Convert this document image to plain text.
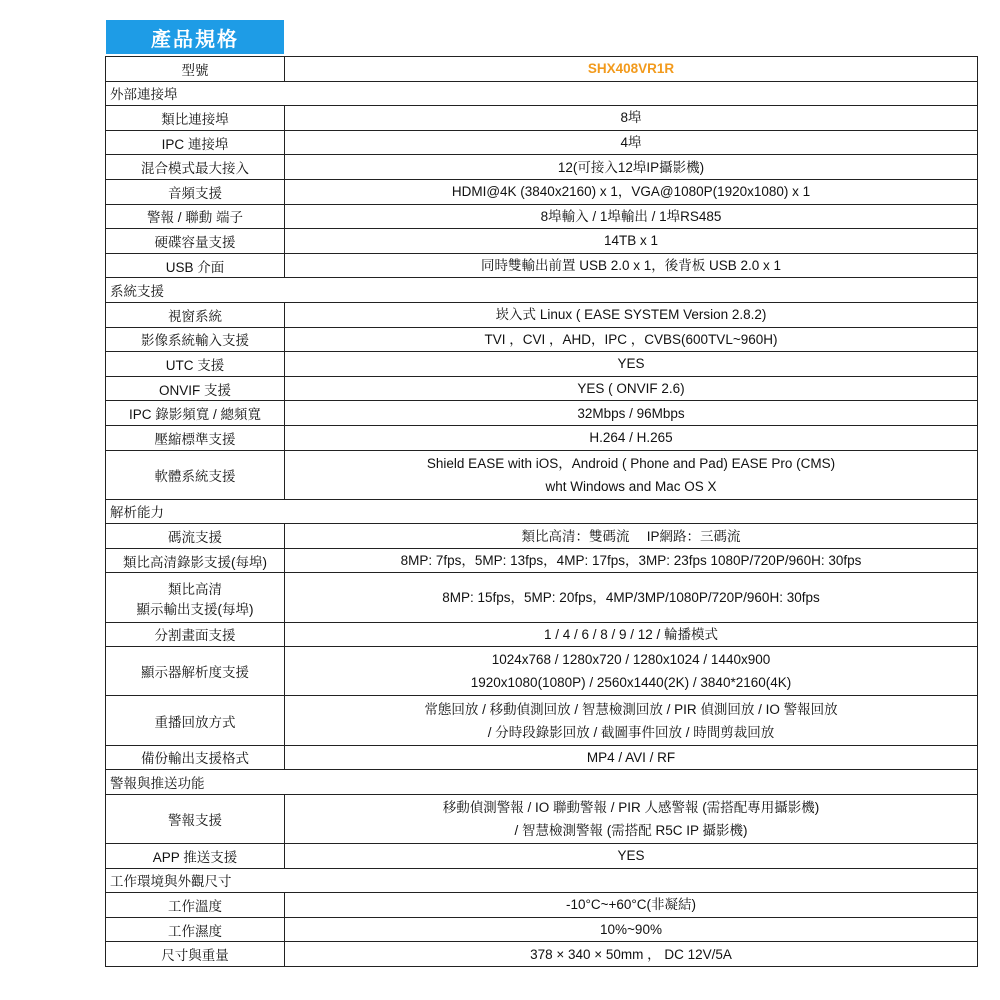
產品規格
型號	SHX408VR1R

外部連接埠	

類比連接埠	8埠

IPC 連接埠	4埠

混合模式最大接入	12(可接入12埠IP攝影機)

音頻支援	HDMI@4K (3840x2160) x 1，VGA@1080P(1920x1080) x 1

警報 / 聯動 端子	8埠輸入 / 1埠輸出 / 1埠RS485

硬碟容量支援	14TB x 1

USB 介面	同時雙輸出前置 USB 2.0 x 1，後背板 USB 2.0 x 1

系統支援	

視窗系統	崁入式 Linux ( EASE SYSTEM Version 2.8.2)

影像系統輸入支援	TVI ，CVI ，AHD，IPC ，CVBS(600TVL~960H)

UTC 支援	YES

ONVIF 支援	YES ( ONVIF 2.6)

IPC 錄影頻寬 / 總頻寬	32Mbps / 96Mbps

壓縮標準支援	H.264 / H.265

軟體系統支援	Shield EASE with iOS，Android ( Phone and Pad) EASE Pro (CMS)
wht Windows and Mac OS X

解析能力	

碼流支援	類比高清：雙碼流　 IP網路：三碼流

類比高清錄影支援(每埠)	8MP: 7fps，5MP: 13fps，4MP: 17fps，3MP: 23fps 1080P/720P/960H: 30fps

類比高清
顯示輸出支援(每埠)	8MP: 15fps，5MP: 20fps，4MP/3MP/1080P/720P/960H: 30fps

分割畫面支援	1 / 4 / 6 / 8 / 9 / 12 / 輪播模式

顯示器解析度支援	1024x768 / 1280x720 / 1280x1024 / 1440x900
1920x1080(1080P) / 2560x1440(2K) / 3840*2160(4K)

重播回放方式	常態回放 / 移動偵測回放 / 智慧檢測回放 / PIR 偵測回放 / IO 警報回放
/ 分時段錄影回放 / 截圖事件回放 / 時間剪裁回放

備份輸出支援格式	MP4 / AVI / RF

警報與推送功能	

警報支援	移動偵測警報 / IO 聯動警報 / PIR 人感警報 (需搭配專用攝影機)
/ 智慧檢測警報 (需搭配 R5C IP 攝影機)

APP 推送支援	YES

工作環境與外觀尺寸	

工作溫度	-10°C~+60°C(非凝結)

工作濕度	10%~90%

尺寸與重量	378 × 340 × 50mm ， DC 12V/5A
